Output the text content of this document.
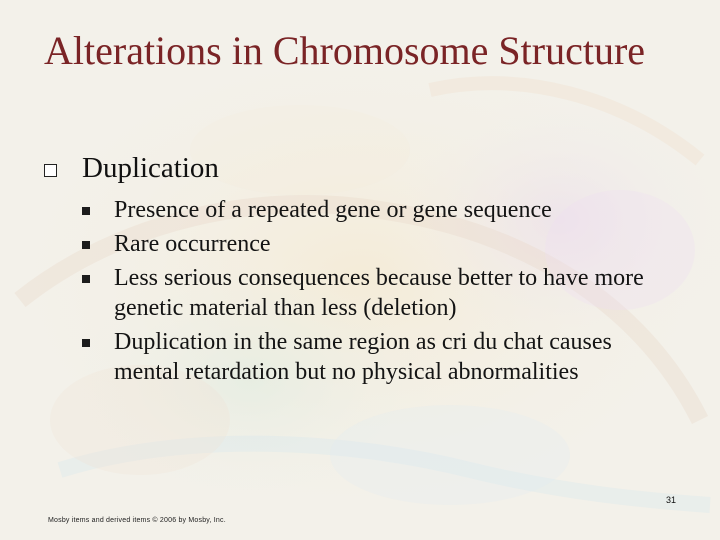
Alterations in Chromosome Structure
Duplication
Presence of a repeated gene or gene sequence
Rare occurrence
Less serious consequences because better to have more genetic material than less (deletion)
Duplication in the same region as cri du chat causes mental retardation but no physical abnormalities
31
Mosby items and derived items © 2006 by Mosby, Inc.
